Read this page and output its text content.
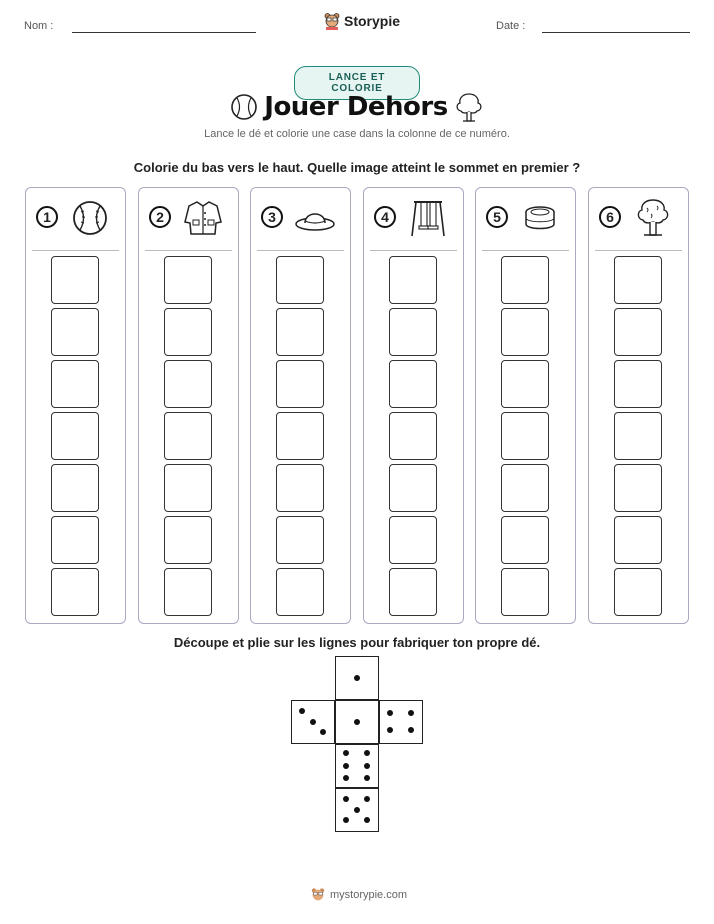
Nom :	Storypie	Date :
LANCE ET COLORIE
Jouer Dehors
Lance le dé et colorie une case dans la colonne de ce numéro.
Colorie du bas vers le haut. Quelle image atteint le sommet en premier ?
1	2	3	4	5	6
Découpe et plie sur les lignes pour fabriquer ton propre dé.
mystorypie.com
